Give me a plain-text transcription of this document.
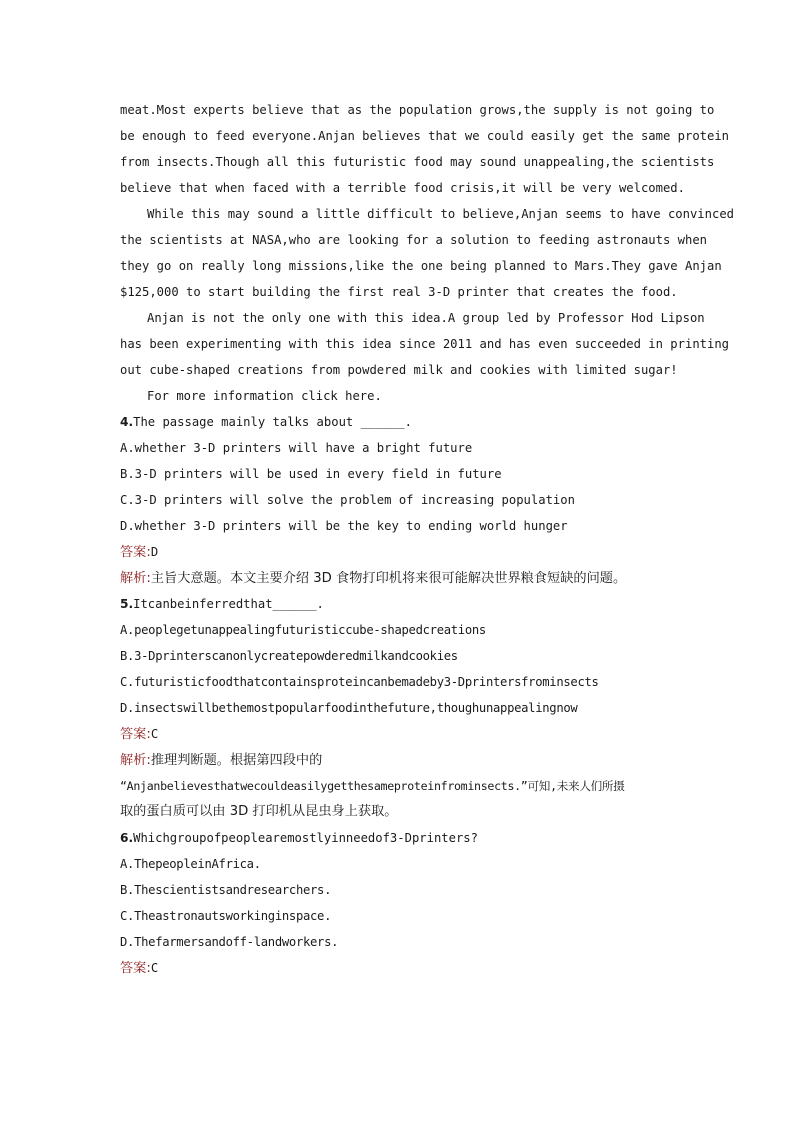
meat.Most experts believe that as the population grows,the supply is not going to
be enough to feed everyone.Anjan believes that we could easily get the same protein
from insects.Though all this futuristic food may sound unappealing,the scientists
believe that when faced with a terrible food crisis,it will be very welcomed.
While this may sound a little difficult to believe,Anjan seems to have convinced
the scientists at NASA,who are looking for a solution to feeding astronauts when
they go on really long missions,like the one being planned to Mars.They gave Anjan
$125,000 to start building the first real 3-D printer that creates the food.
Anjan is not the only one with this idea.A group led by Professor Hod Lipson
has been experimenting with this idea since 2011 and has even succeeded in printing
out cube-shaped creations from powdered milk and cookies with limited sugar!
For more information click here.
4.The passage mainly talks about ______.
A.whether 3-D printers will have a bright future
B.3-D printers will be used in every field in future
C.3-D printers will solve the problem of increasing population
D.whether 3-D printers will be the key to ending world hunger
答案:D
解析:主旨大意题。本文主要介绍 3D 食物打印机将来很可能解决世界粮食短缺的问题。
5.Itcanbeinferredthat______.
A.peoplegetunappealingfuturisticcube-shapedcreations
B.3-Dprinterscanonlycreatepowderedmilkandcookies
C.futuristicfoodthatcontainsproteincanbemadeby3-Dprintersfrominsects
D.insectswillbethemostpopularfoodinthefuture,thoughunappealingnow
答案:C
解析:推理判断题。根据第四段中的
“Anjanbelievesthatwecouldeasilygetthesameproteinfrominsects.”可知,未来人们所摄
取的蛋白质可以由 3D 打印机从昆虫身上获取。
6.Whichgroupofpeoplearemostlyinneedof3-Dprinters?
A.ThepeopleinAfrica.
B.Thescientistsandresearchers.
C.Theastronautsworkinginspace.
D.Thefarmersandoff-landworkers.
答案:C
